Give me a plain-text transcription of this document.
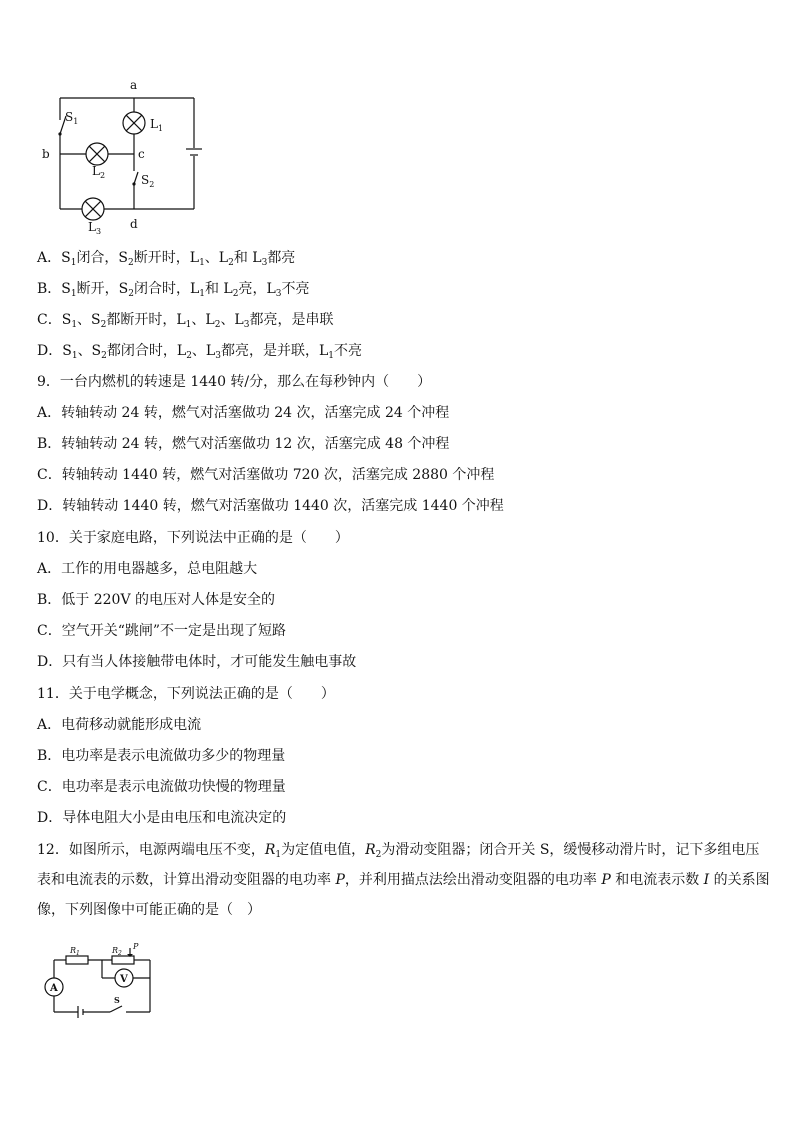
a
b	c
d
$S_1$
$S_2$
$L_1$
$L_2$
$L_3$
A．$S_1$闭合，$S_2$断开时，$L_1$、$L_2$和 $L_3$都亮
B．$S_1$断开，$S_2$闭合时，$L_1$和 $L_2$亮，$L_3$不亮
C．$S_1$、$S_2$都断开时，$L_1$、$L_2$、$L_3$都亮，是串联
D．$S_1$、$S_2$都闭合时，$L_2$、$L_3$都亮，是并联，$L_1$不亮
9．一台内燃机的转速是 1440 转/分，那么在每秒钟内（　　）
A．转轴转动 24 转，燃气对活塞做功 24 次，活塞完成 24 个冲程
B．转轴转动 24 转，燃气对活塞做功 12 次，活塞完成 48 个冲程
C．转轴转动 1440 转，燃气对活塞做功 720 次，活塞完成 2880 个冲程
D．转轴转动 1440 转，燃气对活塞做功 1440 次，活塞完成 1440 个冲程
10．关于家庭电路，下列说法中正确的是（　　）
A．工作的用电器越多，总电阻越大
B．低于 220V 的电压对人体是安全的
C．空气开关“跳闸”不一定是出现了短路
D．只有当人体接触带电体时，才可能发生触电事故
11．关于电学概念，下列说法正确的是（　　）
A．电荷移动就能形成电流
B．电功率是表示电流做功多少的物理量
C．电功率是表示电流做功快慢的物理量
D．导体电阻大小是由电压和电流决定的
12．如图所示，电源两端电压不变，$R_1$为定值电值，$R_2$为滑动变阻器；闭合开关 S，缓慢移动滑片时，记下多组电压表和电流表的示数，计算出滑动变阻器的电功率 P，并利用描点法绘出滑动变阻器的电功率 P 和电流表示数 I 的关系图像，下列图像中可能正确的是（　）
$R_1$	$R_2$
P
A
V
S
